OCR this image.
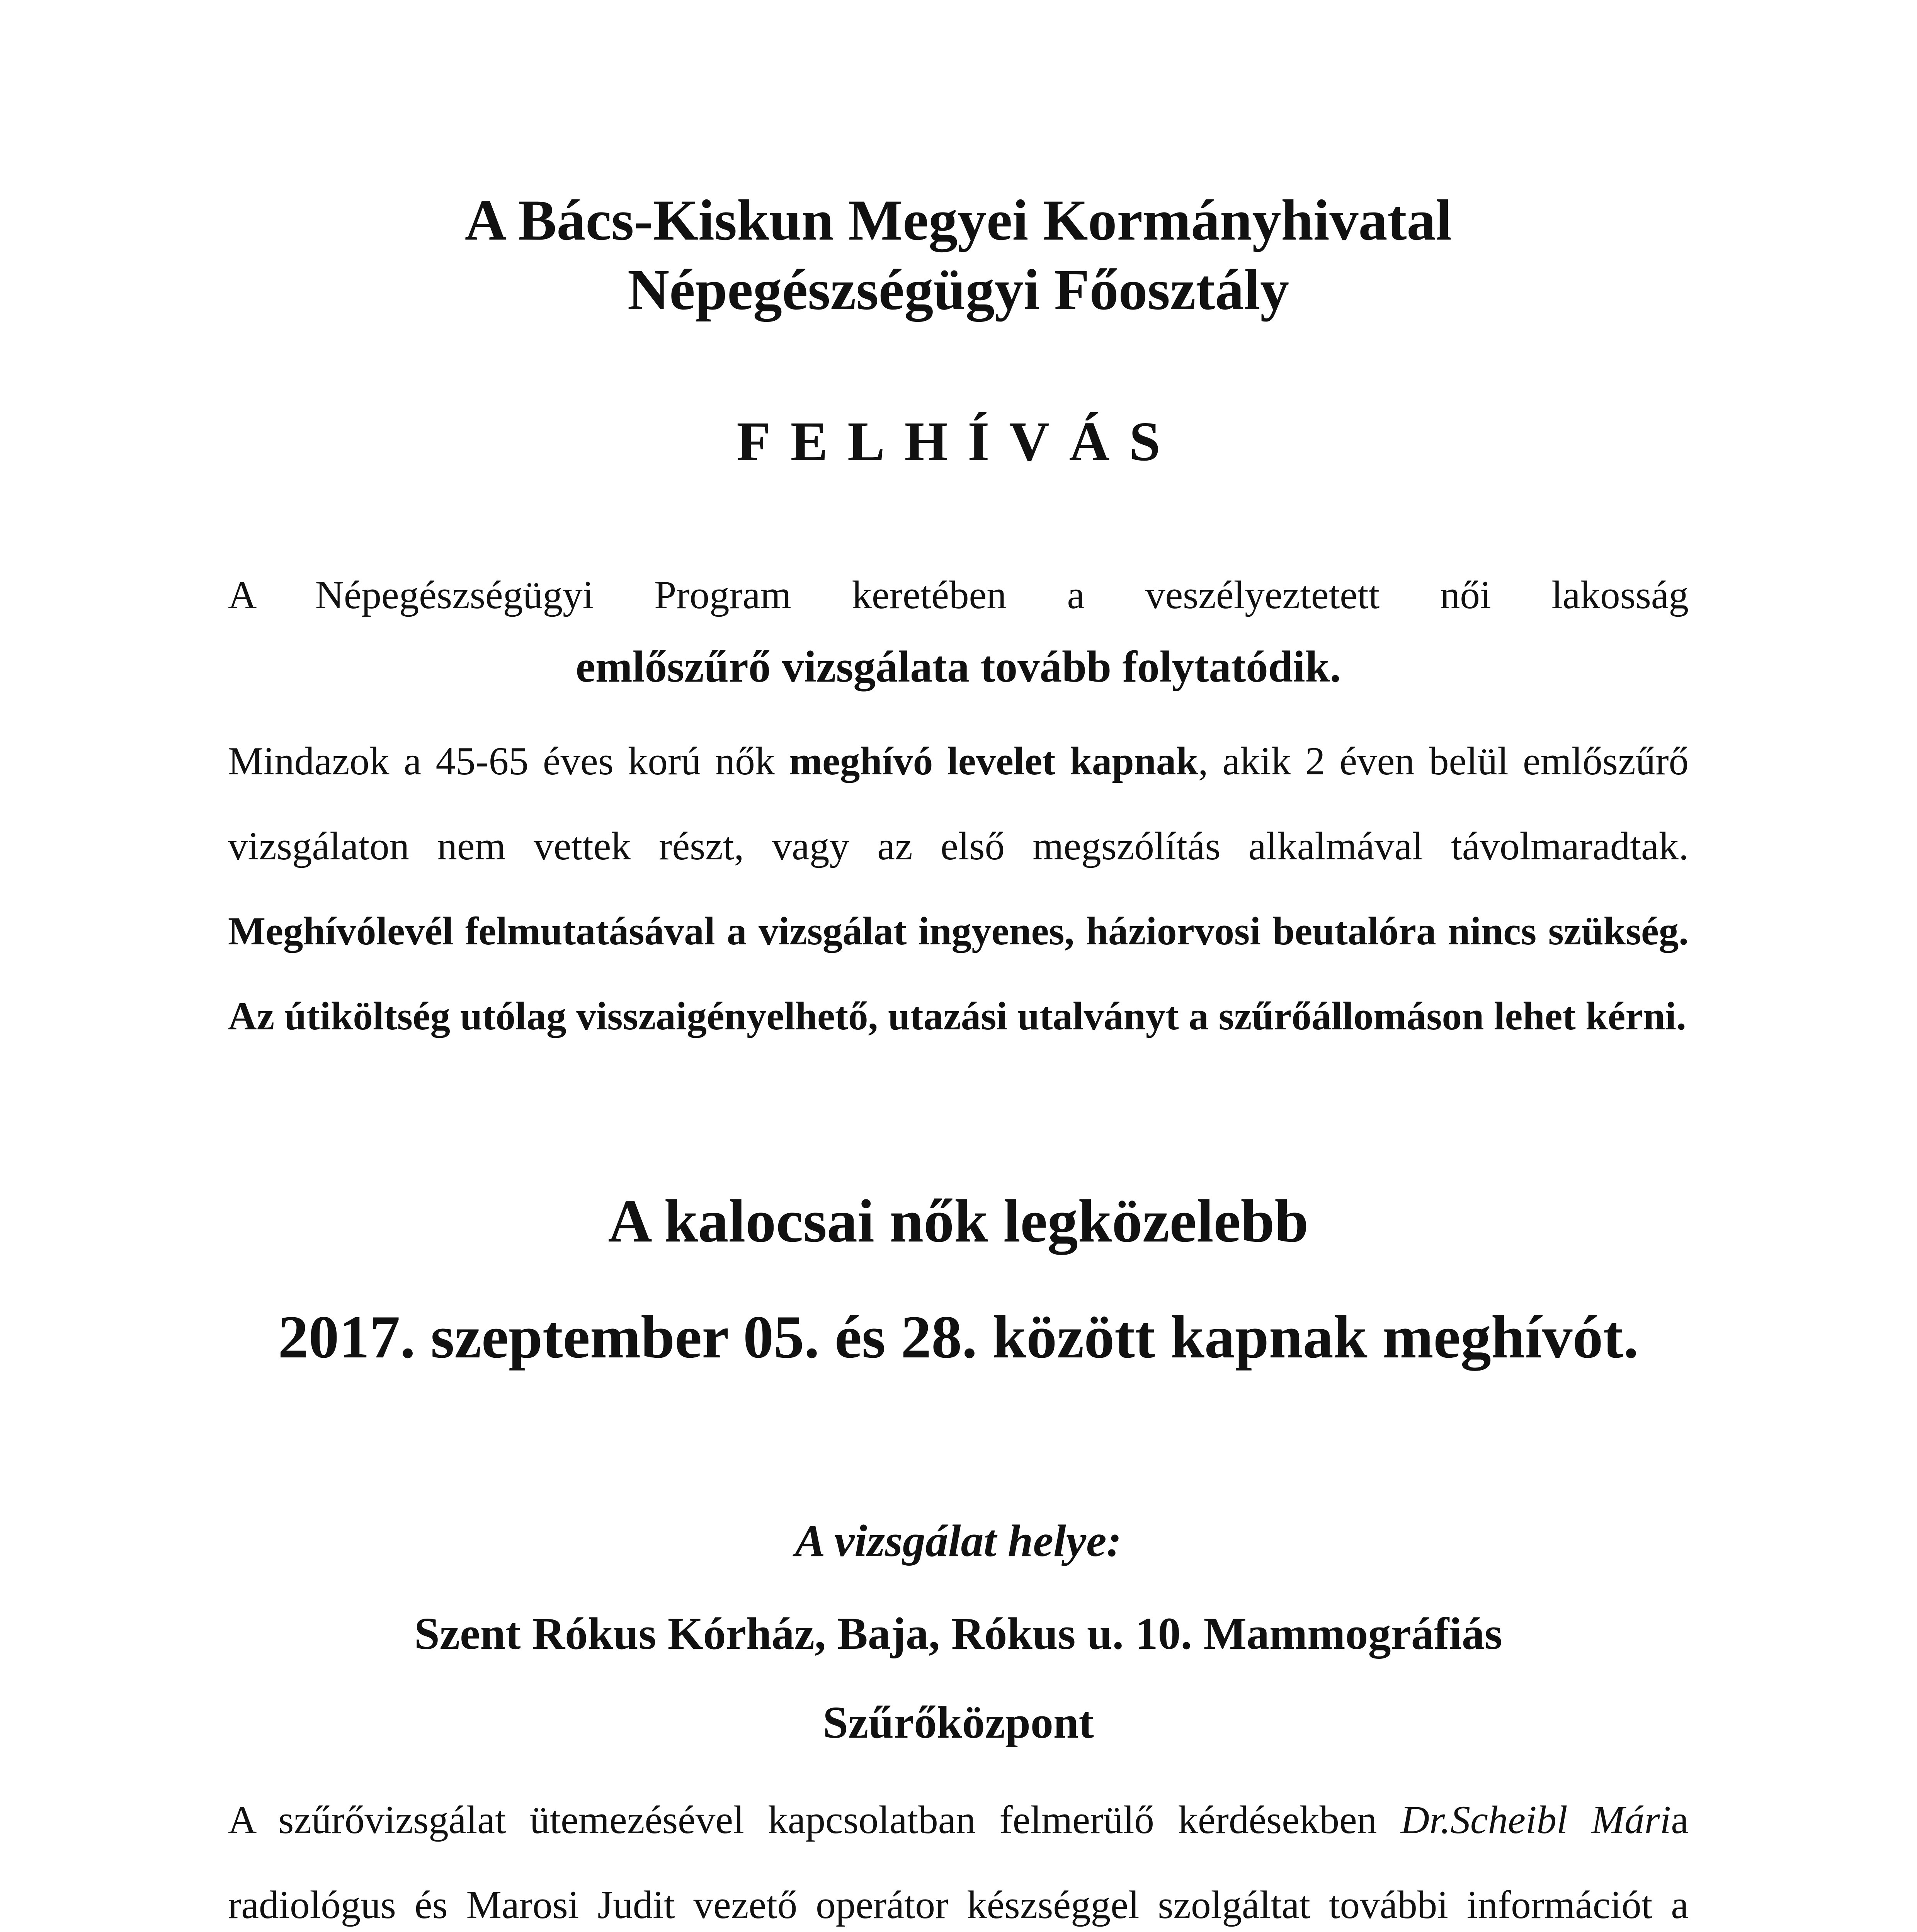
A Bács-Kiskun Megyei Kormányhivatal
Népegészségügyi Főosztály
FELHÍVÁS
A Népegészségügyi Program keretében a veszélyeztetett női lakosság
emlőszűrő vizsgálata tovább folytatódik.

Mindazok a 45-65 éves korú nők meghívó levelet kapnak, akik 2 éven belül emlőszűrő vizsgálaton nem vettek részt, vagy az első megszólítás alkalmával távolmaradtak. Meghívólevél felmutatásával a vizsgálat ingyenes, háziorvosi beutalóra nincs szükség. Az útiköltség utólag visszaigényelhető, utazási utalványt a szűrőállomáson lehet kérni.

A kalocsai nők legközelebb
2017. szeptember 05. és 28. között kapnak meghívót.
A vizsgálat helye:
Szent Rókus Kórház, Baja, Rókus u. 10. Mammográfiás
Szűrőközpont

A szűrővizsgálat ütemezésével kapcsolatban felmerülő kérdésekben Dr.Scheibl Mária radiológus és Marosi Judit vezető operátor készséggel szolgáltat további információt a
